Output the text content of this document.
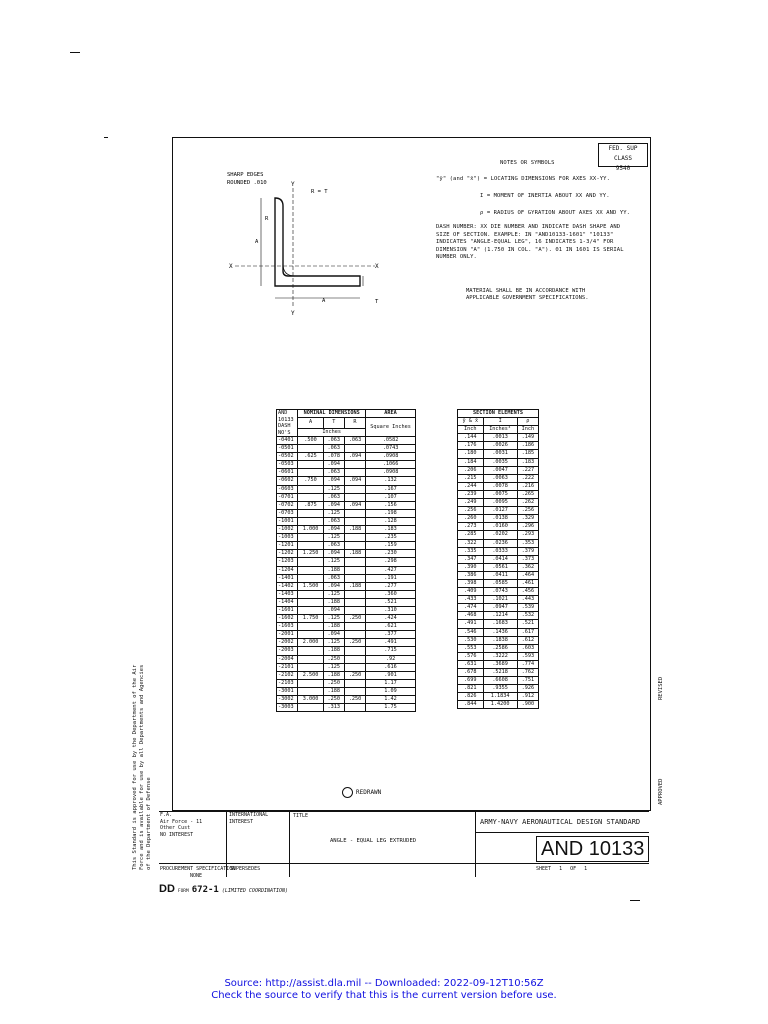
FED. SUP CLASS
9540
SHARP EDGES
ROUNDED .010
R = T
X	X
Y
Y
A
A	T
R
NOTES OR SYMBOLS
"ȳ" (and "x̄") = LOCATING DIMENSIONS FOR AXES XX-YY.
I = MOMENT OF INERTIA ABOUT XX AND YY.
ρ = RADIUS OF GYRATION ABOUT AXES XX AND YY.
DASH NUMBER: XX DIE NUMBER AND INDICATE DASH SHAPE AND SIZE OF SECTION. EXAMPLE: IN "AND10133-1601" "10133" INDICATES "ANGLE-EQUAL LEG", 16 INDICATES 1-3/4" FOR DIMENSION "A" (1.750 IN COL. "A"). 01 IN 1601 IS SERIAL NUMBER ONLY.
MATERIAL SHALL BE IN ACCORDANCE WITH APPLICABLE GOVERNMENT SPECIFICATIONS.
AND
10133
DASH
NO'S	NOMINAL DIMENSIONS			AREA
	A	T	R	Square Inches
	Inches			
-0401	.500	.063	.063	.0582
-0501		.063		.0743
-0502	.625	.078	.094	.0908
-0503		.094		.1066
-0601		.063		.0908
-0602	.750	.094	.094	.132
-0603		.125		.167
-0701		.063		.107
-0702	.875	.094	.094	.156
-0703		.125		.198
-1001		.063		.128
-1002	1.000	.094	.188	.183
-1003		.125		.235
-1201		.063		.159
-1202	1.250	.094	.188	.230
-1203		.125		.298
-1204		.188		.427
-1401		.063		.191
-1402	1.500	.094	.188	.277
-1403		.125		.360
-1404		.188		.521
-1601		.094		.310
-1602	1.750	.125	.250	.424
-1603		.188		.621
-2001		.094		.377
-2002	2.000	.125	.250	.491
-2003		.188		.715
-2004		.250		.92
-2101		.125		.616
-2102	2.500	.188	.250	.901
-2103		.250		1.17
-3001		.188		1.09
-3002	3.000	.250	.250	1.42
-3003		.313		1.75
SECTION ELEMENTS		
ȳ & x̄	I	ρ
Inch	Inches⁴	Inch
.144	.0013	.149
.176	.0026	.186
.180	.0031	.185
.184	.0035	.183
.206	.0047	.227
.215	.0063	.222
.244	.0078	.216
.239	.0075	.265
.249	.0095	.262
.256	.0127	.256
.260	.0138	.329
.273	.0160	.296
.285	.0202	.293
.322	.0236	.353
.335	.0333	.379
.347	.0414	.373
.390	.0561	.362
.386	.0411	.464
.398	.0585	.461
.409	.0743	.456
.433	.1021	.443
.474	.0947	.539
.468	.1214	.532
.491	.1683	.521
.546	.1436	.617
.530	.1838	.612
.553	.2586	.603
.576	.3222	.593
.631	.3689	.774
.678	.5218	.762
.699	.6608	.751
.821	.9355	.926
.826	1.1834	.912
.844	1.4200	.900
REDRAWN
F.A.
Air Force - 11
Other Cust
NO INTEREST
INTERNATIONAL INTEREST
TITLE
ANGLE - EQUAL LEG EXTRUDED
ARMY-NAVY AERONAUTICAL DESIGN STANDARD
AND 10133
PROCUREMENT SPECIFICATION
NONE
SUPERSEDES	SHEET 1 OF 1
DD FORM 672-1 (LIMITED COORDINATION)
This Standard is approved for use by the Department of the Air Force and is available for use by all Departments and Agencies of the Department of Defense	APPROVED
REVISED
Source: http://assist.dla.mil -- Downloaded: 2022-09-12T10:56Z
Check the source to verify that this is the current version before use.
